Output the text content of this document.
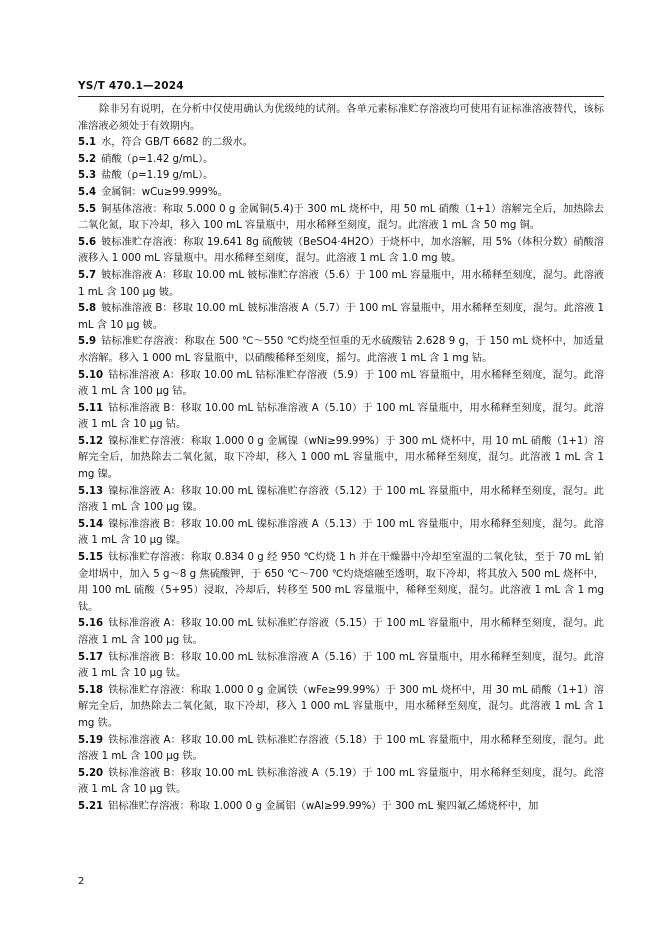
YS/T 470.1—2024

除非另有说明，在分析中仅使用确认为优级纯的试剂。各单元素标准贮存溶液均可使用有证标准溶液替代，该标准溶液必须处于有效期内。

5.1 水，符合 GB/T 6682 的二级水。

5.2 硝酸（ρ=1.42 g/mL）。

5.3 盐酸（ρ=1.19 g/mL）。

5.4 金属铜：wCu≥99.999%。

5.5 铜基体溶液：称取 5.000 0 g 金属铜(5.4)于 300 mL 烧杯中，用 50 mL 硝酸（1+1）溶解完全后，加热除去二氧化氮，取下冷却，移入 100 mL 容量瓶中，用水稀释至刻度，混匀。此溶液 1 mL 含 50 mg 铜。

5.6 铍标准贮存溶液：称取 19.641 8g 硫酸铍（BeSO4·4H2O）于烧杯中，加水溶解，用 5%（体积分数）硝酸溶液移入 1 000 mL 容量瓶中。用水稀释至刻度，混匀。此溶液 1 mL 含 1.0 mg 铍。

5.7 铍标准溶液 A：移取 10.00 mL 铍标准贮存溶液（5.6）于 100 mL 容量瓶中，用水稀释至刻度，混匀。此溶液 1 mL 含 100 μg 铍。

5.8 铍标准溶液 B：移取 10.00 mL 铍标准溶液 A（5.7）于 100 mL 容量瓶中，用水稀释至刻度，混匀。此溶液 1 mL 含 10 μg 铍。

5.9 钴标准贮存溶液：称取在 500 ℃～550 ℃灼烧至恒重的无水硫酸钴 2.628 9 g，于 150 mL 烧杯中，加适量水溶解。移入 1 000 mL 容量瓶中，以硝酸稀释至刻度，摇匀。此溶液 1 mL 含 1 mg 钴。

5.10 钴标准溶液 A：移取 10.00 mL 钴标准贮存溶液（5.9）于 100 mL 容量瓶中，用水稀释至刻度，混匀。此溶液 1 mL 含 100 μg 钴。

5.11 钴标准溶液 B：移取 10.00 mL 钴标准溶液 A（5.10）于 100 mL 容量瓶中，用水稀释至刻度，混匀。此溶液 1 mL 含 10 μg 钴。

5.12 镍标准贮存溶液：称取 1.000 0 g 金属镍（wNi≥99.99%）于 300 mL 烧杯中，用 10 mL 硝酸（1+1）溶解完全后，加热除去二氧化氮，取下冷却，移入 1 000 mL 容量瓶中，用水稀释至刻度，混匀。此溶液 1 mL 含 1 mg 镍。

5.13 镍标准溶液 A：移取 10.00 mL 镍标准贮存溶液（5.12）于 100 mL 容量瓶中，用水稀释至刻度，混匀。此溶液 1 mL 含 100 μg 镍。

5.14 镍标准溶液 B：移取 10.00 mL 镍标准溶液 A（5.13）于 100 mL 容量瓶中，用水稀释至刻度，混匀。此溶液 1 mL 含 10 μg 镍。

5.15 钛标准贮存溶液：称取 0.834 0 g 经 950 ℃灼烧 1 h 并在干燥器中冷却至室温的二氧化钛，至于 70 mL 铂金坩埚中，加入 5 g～8 g 焦硫酸钾，于 650 ℃～700 ℃灼烧熔融至透明，取下冷却，将其放入 500 mL 烧杯中，用 100 mL 硫酸（5+95）浸取，冷却后，转移至 500 mL 容量瓶中，稀释至刻度，混匀。此溶液 1 mL 含 1 mg 钛。

5.16 钛标准溶液 A：移取 10.00 mL 钛标准贮存溶液（5.15）于 100 mL 容量瓶中，用水稀释至刻度，混匀。此溶液 1 mL 含 100 μg 钛。

5.17 钛标准溶液 B：移取 10.00 mL 钛标准溶液 A（5.16）于 100 mL 容量瓶中，用水稀释至刻度，混匀。此溶液 1 mL 含 10 μg 钛。

5.18 铁标准贮存溶液：称取 1.000 0 g 金属铁（wFe≥99.99%）于 300 mL 烧杯中，用 30 mL 硝酸（1+1）溶解完全后，加热除去二氧化氮，取下冷却，移入 1 000 mL 容量瓶中，用水稀释至刻度，混匀。此溶液 1 mL 含 1 mg 铁。

5.19 铁标准溶液 A：移取 10.00 mL 铁标准贮存溶液（5.18）于 100 mL 容量瓶中，用水稀释至刻度，混匀。此溶液 1 mL 含 100 μg 铁。

5.20 铁标准溶液 B：移取 10.00 mL 铁标准溶液 A（5.19）于 100 mL 容量瓶中，用水稀释至刻度，混匀。此溶液 1 mL 含 10 μg 铁。

5.21 铝标准贮存溶液：称取 1.000 0 g 金属铝（wAl≥99.99%）于 300 mL 聚四氟乙烯烧杯中，加

2
